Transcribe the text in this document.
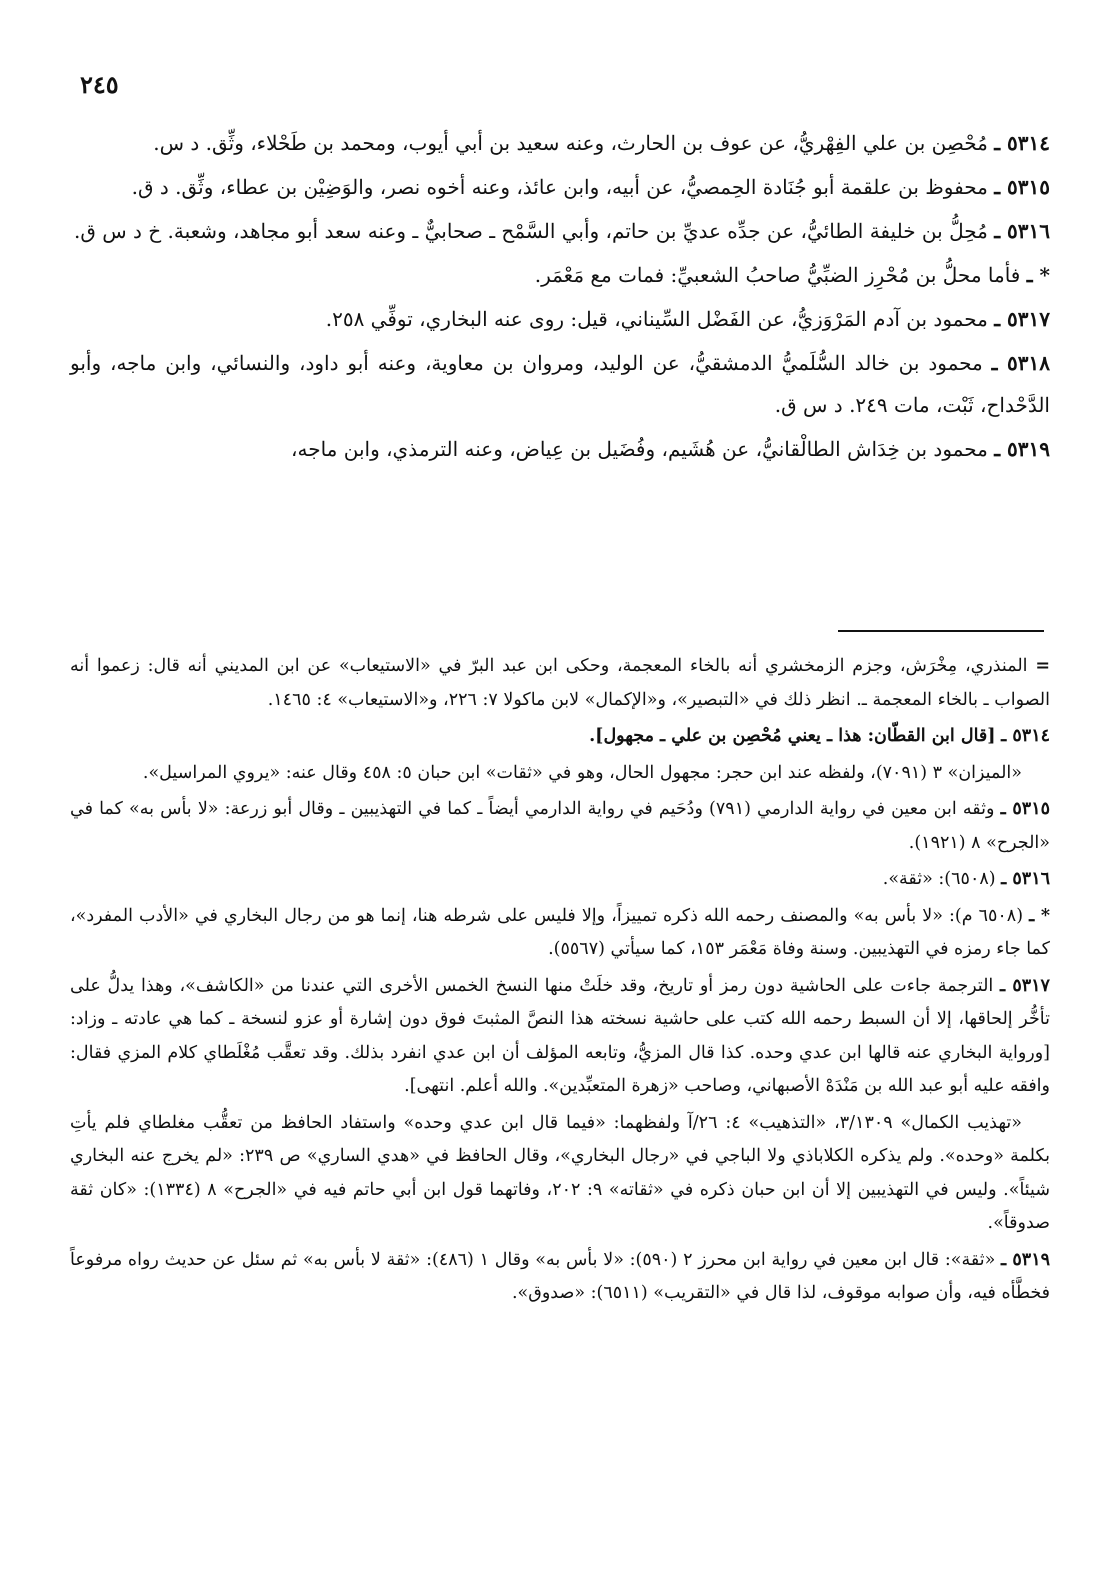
٢٤٥

٥٣١٤ ـ مُحْصِن بن علي الفِهْريُّ، عن عوف بن الحارث، وعنه سعيد بن أبي أيوب، ومحمد بن طَحْلاء، وثِّق. د س.

٥٣١٥ ـ محفوظ بن علقمة أبو جُنَادة الحِمصيُّ، عن أبيه، وابن عائذ، وعنه أخوه نصر، والوَضِيْن بن عطاء، وثِّق. د ق.

٥٣١٦ ـ مُحِلُّ بن خليفة الطائيُّ، عن جدِّه عديِّ بن حاتم، وأبي السَّمْح ـ صحابيٌّ ـ وعنه سعد أبو مجاهد، وشعبة. خ د س ق.

* ـ فأما محلُّ بن مُحْرِز الضبِّيُّ صاحبُ الشعبيِّ: فمات مع مَعْمَر.

٥٣١٧ ـ محمود بن آدم المَرْوَزيُّ، عن الفَضْل السِّيناني، قيل: روى عنه البخاري، توفِّي ٢٥٨.

٥٣١٨ ـ محمود بن خالد السُّلَميُّ الدمشقيُّ، عن الوليد، ومروان بن معاوية، وعنه أبو داود، والنسائي، وابن ماجه، وأبو الدَّحْداح، ثَبْت، مات ٢٤٩. د س ق.

٥٣١٩ ـ محمود بن خِدَاش الطالْقانيُّ، عن هُشَيم، وفُضَيل بن عِياض، وعنه الترمذي، وابن ماجه،

= المنذري، مِخْرَش، وجزم الزمخشري أنه بالخاء المعجمة، وحكى ابن عبد البرّ في «الاستيعاب» عن ابن المديني أنه قال: زعموا أنه الصواب ـ بالخاء المعجمة ـ. انظر ذلك في «التبصير»، و«الإكمال» لابن ماكولا ٧: ٢٢٦، و«الاستيعاب» ٤: ١٤٦٥.

٥٣١٤ ـ [قال ابن القطّان: هذا ـ يعني مُحْصِن بن علي ـ مجهول].

«الميزان» ٣ (٧٠٩١)، ولفظه عند ابن حجر: مجهول الحال، وهو في «ثقات» ابن حبان ٥: ٤٥٨ وقال عنه: «يروي المراسيل».

٥٣١٥ ـ وثقه ابن معين في رواية الدارمي (٧٩١) ودُحَيم في رواية الدارمي أيضاً ـ كما في التهذيبين ـ وقال أبو زرعة: «لا بأس به» كما في «الجرح» ٨ (١٩٢١).

٥٣١٦ ـ (٦٥٠٨): «ثقة».

* ـ (٦٥٠٨ م): «لا بأس به» والمصنف رحمه الله ذكره تمييزاً، وإلا فليس على شرطه هنا، إنما هو من رجال البخاري في «الأدب المفرد»، كما جاء رمزه في التهذيبين. وسنة وفاة مَعْمَر ١٥٣، كما سيأتي (٥٥٦٧).

٥٣١٧ ـ الترجمة جاءت على الحاشية دون رمز أو تاريخ، وقد خلَتْ منها النسخ الخمس الأخرى التي عندنا من «الكاشف»، وهذا يدلُّ على تأخُّر إلحاقها، إلا أن السبط رحمه الله كتب على حاشية نسخته هذا النصَّ المثبتَ فوق دون إشارة أو عزو لنسخة ـ كما هي عادته ـ وزاد: [ورواية البخاري عنه قالها ابن عدي وحده. كذا قال المزيُّ، وتابعه المؤلف أن ابن عدي انفرد بذلك. وقد تعقَّب مُغْلَطاي كلام المزي فقال: وافقه عليه أبو عبد الله بن مَنْدَهْ الأصبهاني، وصاحب «زهرة المتعبِّدين». والله أعلم. انتهى].

«تهذيب الكمال» ٣/١٣٠٩، «التذهيب» ٤: ٢٦/آ ولفظهما: «فيما قال ابن عدي وحده» واستفاد الحافظ من تعقُّب مغلطاي فلم يأتِ بكلمة «وحده». ولم يذكره الكلاباذي ولا الباجي في «رجال البخاري»، وقال الحافظ في «هدي الساري» ص ٢٣٩: «لم يخرج عنه البخاري شيئاً». وليس في التهذيبين إلا أن ابن حبان ذكره في «ثقاته» ٩: ٢٠٢، وفاتهما قول ابن أبي حاتم فيه في «الجرح» ٨ (١٣٣٤): «كان ثقة صدوقاً».

٥٣١٩ ـ «ثقة»: قال ابن معين في رواية ابن محرز ٢ (٥٩٠): «لا بأس به» وقال ١ (٤٨٦): «ثقة لا بأس به» ثم سئل عن حديث رواه مرفوعاً فخطَّأه فيه، وأن صوابه موقوف، لذا قال في «التقريب» (٦٥١١): «صدوق».
